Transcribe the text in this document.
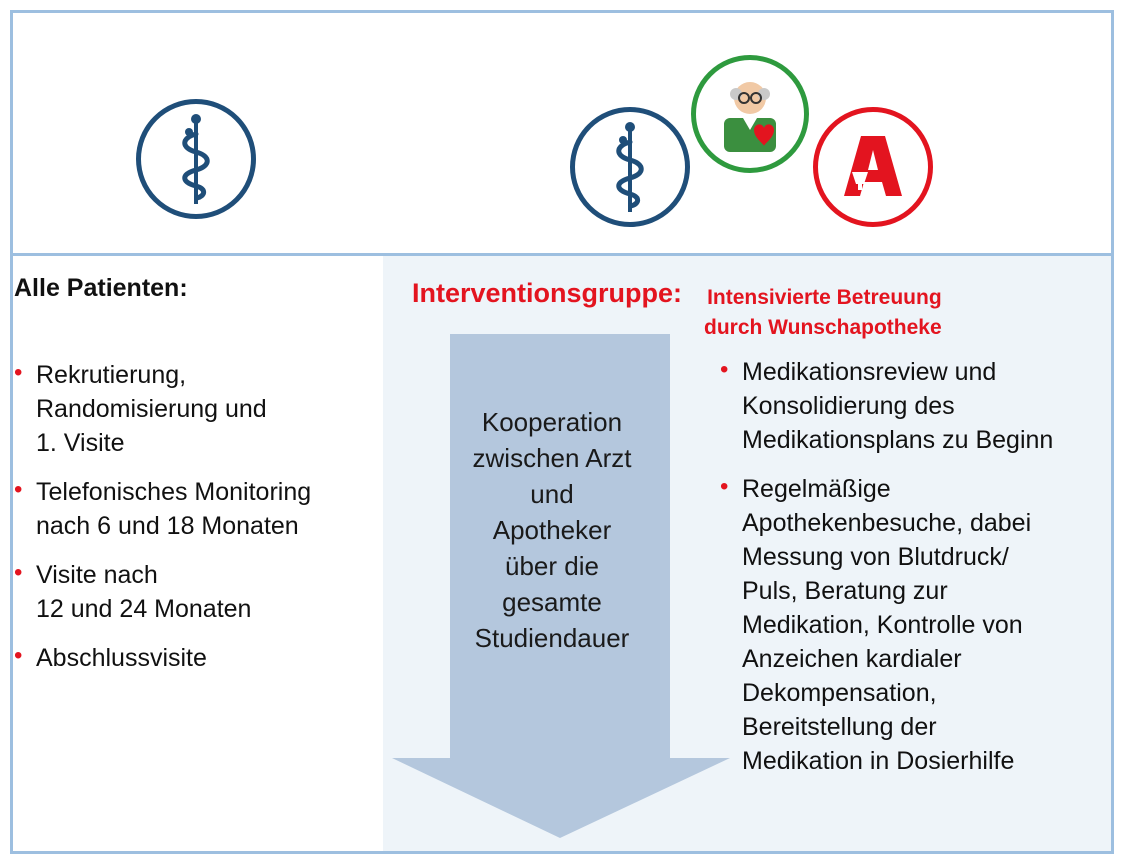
Alle Patienten:
• Rekrutierung,
Randomisierung und
1. Visite
• Telefonisches Monitoring
nach 6 und 18 Monaten
• Visite nach
12 und 24 Monaten
• Abschlussvisite
Interventionsgruppe: Intensivierte Betreuung
durch Wunschapotheke
Kooperation
zwischen Arzt
und
Apotheker
über die
gesamte
Studiendauer
• Medikationsreview und
Konsolidierung des
Medikationsplans zu Beginn
• Regelmäßige
Apothekenbesuche, dabei
Messung von Blutdruck/
Puls, Beratung zur
Medikation, Kontrolle von
Anzeichen kardialer
Dekompensation,
Bereitstellung der
Medikation in Dosierhilfe
